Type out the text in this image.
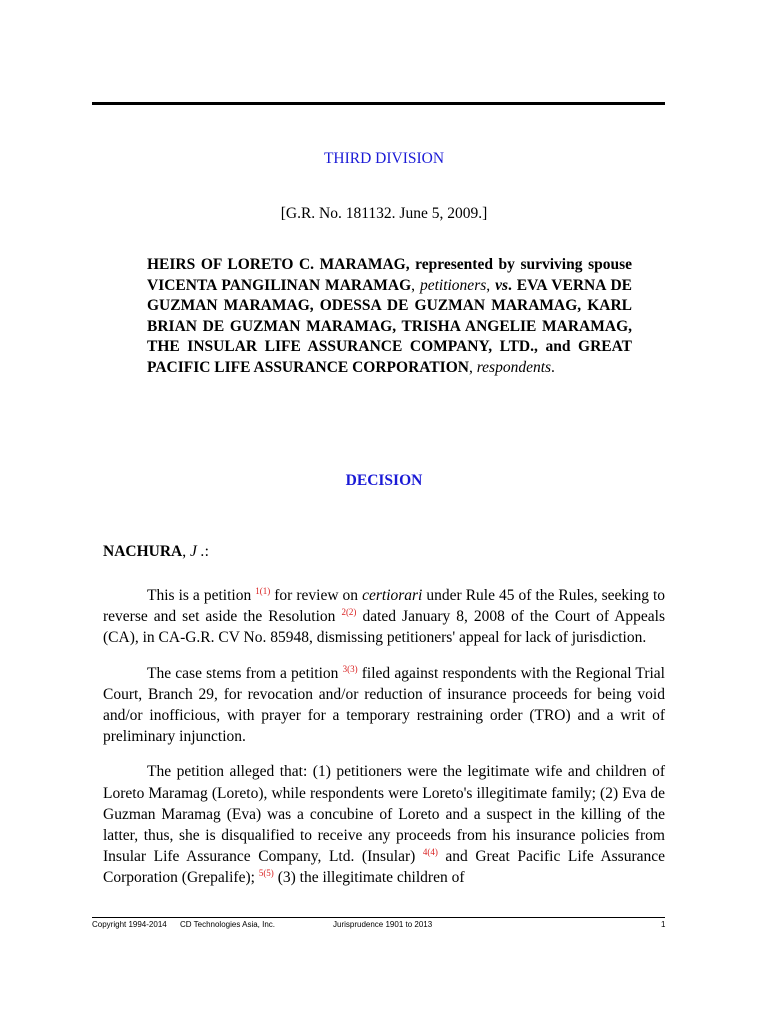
THIRD DIVISION
[G.R. No. 181132. June 5, 2009.]
HEIRS OF LORETO C. MARAMAG, represented by surviving spouse VICENTA PANGILINAN MARAMAG, petitioners, vs. EVA VERNA DE GUZMAN MARAMAG, ODESSA DE GUZMAN MARAMAG, KARL BRIAN DE GUZMAN MARAMAG, TRISHA ANGELIE MARAMAG, THE INSULAR LIFE ASSURANCE COMPANY, LTD., and GREAT PACIFIC LIFE ASSURANCE CORPORATION, respondents.
DECISION
NACHURA, J .:

This is a petition $^{1(1)}$ for review on certiorari under Rule 45 of the Rules, seeking to reverse and set aside the Resolution $^{2(2)}$ dated January 8, 2008 of the Court of Appeals (CA), in CA-G.R. CV No. 85948, dismissing petitioners' appeal for lack of jurisdiction.

The case stems from a petition $^{3(3)}$ filed against respondents with the Regional Trial Court, Branch 29, for revocation and/or reduction of insurance proceeds for being void and/or inofficious, with prayer for a temporary restraining order (TRO) and a writ of preliminary injunction.

The petition alleged that: (1) petitioners were the legitimate wife and children of Loreto Maramag (Loreto), while respondents were Loreto's illegitimate family; (2) Eva de Guzman Maramag (Eva) was a concubine of Loreto and a suspect in the killing of the latter, thus, she is disqualified to receive any proceeds from his insurance policies from Insular Life Assurance Company, Ltd. (Insular) $^{4(4)}$ and Great Pacific Life Assurance Corporation (Grepalife); $^{5(5)}$ (3) the illegitimate children of

Copyright 1994-2014 CD Technologies Asia, Inc.	Jurisprudence 1901 to 2013	1
